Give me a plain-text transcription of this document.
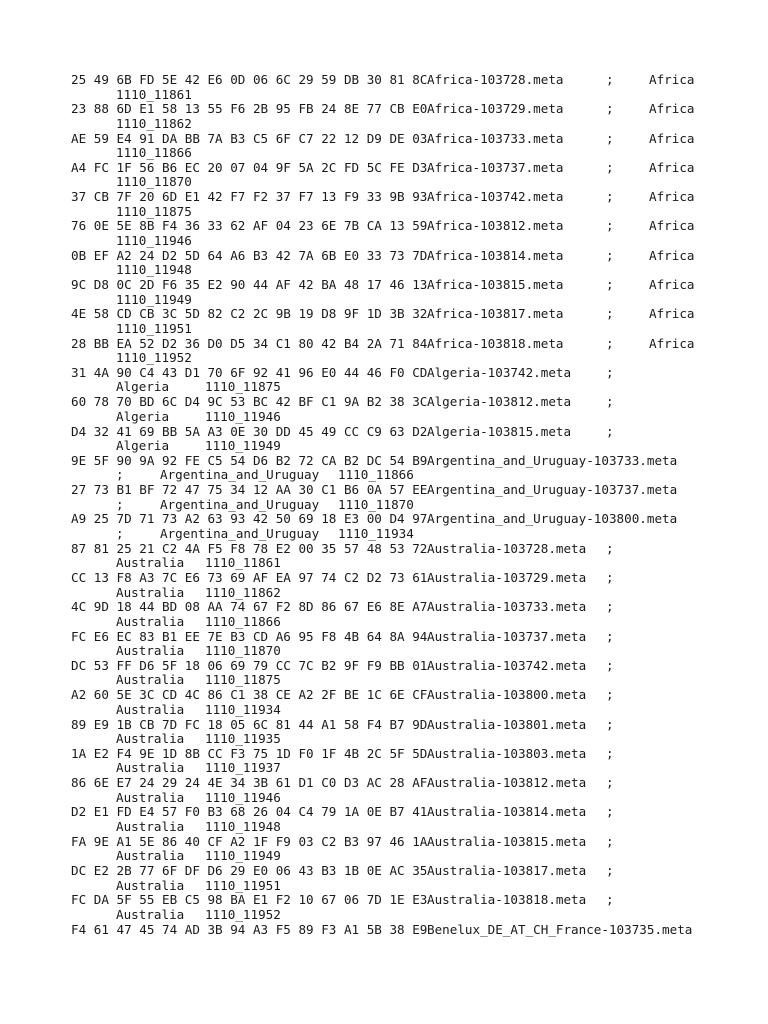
25 49 6B FD 5E 42 E6 0D 06 6C 29 59 DB 30 81 8CAfrica-103728.meta	;	Africa
1110_11861
23 88 6D E1 58 13 55 F6 2B 95 FB 24 8E 77 CB E0Africa-103729.meta	;	Africa
1110_11862
AE 59 E4 91 DA BB 7A B3 C5 6F C7 22 12 D9 DE 03Africa-103733.meta	;	Africa
1110_11866
A4 FC 1F 56 B6 EC 20 07 04 9F 5A 2C FD 5C FE D3Africa-103737.meta	;	Africa
1110_11870
37 CB 7F 20 6D E1 42 F7 F2 37 F7 13 F9 33 9B 93Africa-103742.meta	;	Africa
1110_11875
76 0E 5E 8B F4 36 33 62 AF 04 23 6E 7B CA 13 59Africa-103812.meta	;	Africa
1110_11946
0B EF A2 24 D2 5D 64 A6 B3 42 7A 6B E0 33 73 7DAfrica-103814.meta	;	Africa
1110_11948
9C D8 0C 2D F6 35 E2 90 44 AF 42 BA 48 17 46 13Africa-103815.meta	;	Africa
1110_11949
4E 58 CD CB 3C 5D 82 C2 2C 9B 19 D8 9F 1D 3B 32Africa-103817.meta	;	Africa
1110_11951
28 BB EA 52 D2 36 D0 D5 34 C1 80 42 B4 2A 71 84Africa-103818.meta	;	Africa
1110_11952
31 4A 90 C4 43 D1 70 6F 92 41 96 E0 44 46 F0 CDAlgeria-103742.meta	;
Algeria	1110_11875
60 78 70 BD 6C D4 9C 53 BC 42 BF C1 9A B2 38 3CAlgeria-103812.meta	;
Algeria	1110_11946
D4 32 41 69 BB 5A A3 0E 30 DD 45 49 CC C9 63 D2Algeria-103815.meta	;
Algeria	1110_11949
9E 5F 90 9A 92 FE C5 54 D6 B2 72 CA B2 DC 54 B9Argentina_and_Uruguay-103733.meta
;	Argentina_and_Uruguay 1110_11866
27 73 B1 BF 72 47 75 34 12 AA 30 C1 B6 0A 57 EEArgentina_and_Uruguay-103737.meta
;	Argentina_and_Uruguay 1110_11870
A9 25 7D 71 73 A2 63 93 42 50 69 18 E3 00 D4 97Argentina_and_Uruguay-103800.meta
;	Argentina_and_Uruguay 1110_11934
87 81 25 21 C2 4A F5 F8 78 E2 00 35 57 48 53 72Australia-103728.meta ;
Australia 1110_11861
CC 13 F8 A3 7C E6 73 69 AF EA 97 74 C2 D2 73 61Australia-103729.meta ;
Australia 1110_11862
4C 9D 18 44 BD 08 AA 74 67 F2 8D 86 67 E6 8E A7Australia-103733.meta ;
Australia 1110_11866
FC E6 EC 83 B1 EE 7E B3 CD A6 95 F8 4B 64 8A 94Australia-103737.meta ;
Australia 1110_11870
DC 53 FF D6 5F 18 06 69 79 CC 7C B2 9F F9 BB 01Australia-103742.meta ;
Australia 1110_11875
A2 60 5E 3C CD 4C 86 C1 38 CE A2 2F BE 1C 6E CFAustralia-103800.meta ;
Australia 1110_11934
89 E9 1B CB 7D FC 18 05 6C 81 44 A1 58 F4 B7 9DAustralia-103801.meta ;
Australia 1110_11935
1A E2 F4 9E 1D 8B CC F3 75 1D F0 1F 4B 2C 5F 5DAustralia-103803.meta ;
Australia 1110_11937
86 6E E7 24 29 24 4E 34 3B 61 D1 C0 D3 AC 28 AFAustralia-103812.meta ;
Australia 1110_11946
D2 E1 FD E4 57 F0 B3 68 26 04 C4 79 1A 0E B7 41Australia-103814.meta ;
Australia 1110_11948
FA 9E A1 5E 86 40 CF A2 1F F9 03 C2 B3 97 46 1AAustralia-103815.meta ;
Australia 1110_11949
DC E2 2B 77 6F DF D6 29 E0 06 43 B3 1B 0E AC 35Australia-103817.meta ;
Australia 1110_11951
FC DA 5F 55 EB C5 98 BA E1 F2 10 67 06 7D 1E E3Australia-103818.meta ;
Australia 1110_11952
F4 61 47 45 74 AD 3B 94 A3 F5 89 F3 A1 5B 38 E9Benelux_DE_AT_CH_France-103735.meta
